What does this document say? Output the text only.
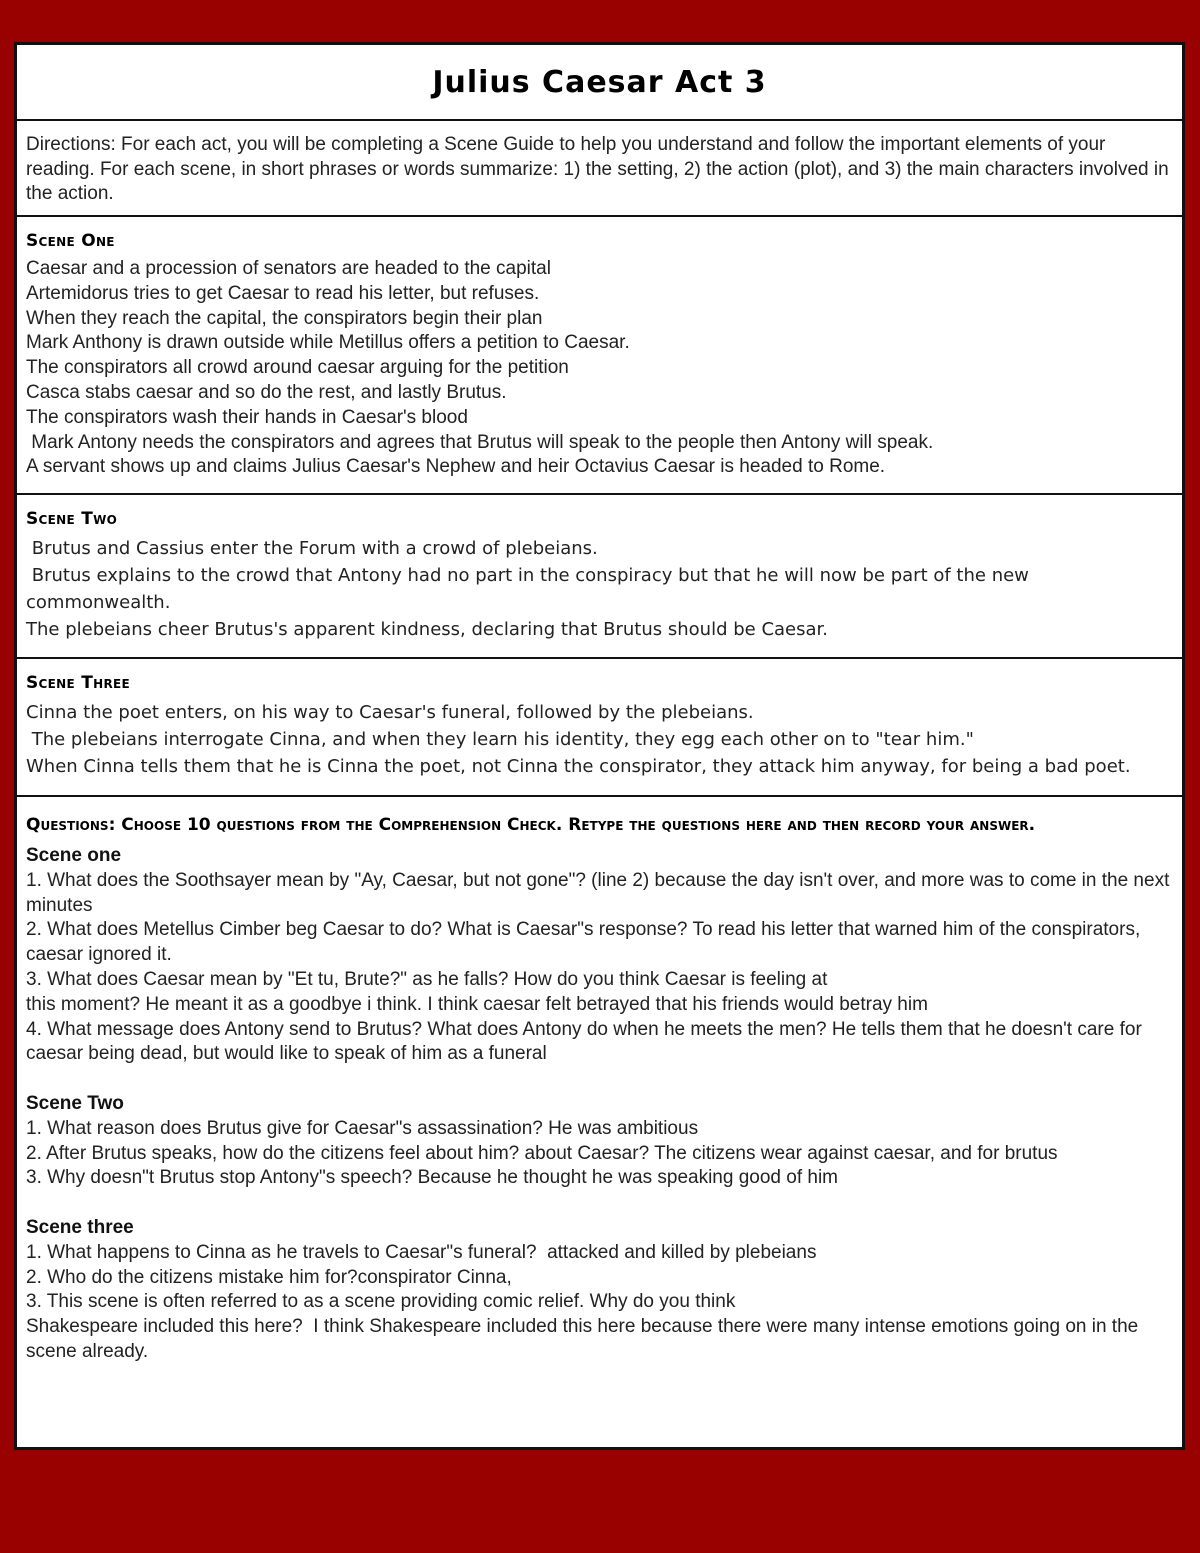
Julius Caesar Act 3

Directions: For each act, you will be completing a Scene Guide to help you understand and follow the important elements of your reading. For each scene, in short phrases or words summarize: 1) the setting, 2) the action (plot), and 3) the main characters involved in the action.

Scene One

Caesar and a procession of senators are headed to the capital

Artemidorus tries to get Caesar to read his letter, but refuses.

When they reach the capital, the conspirators begin their plan

Mark Anthony is drawn outside while Metillus offers a petition to Caesar.

The conspirators all crowd around caesar arguing for the petition

Casca stabs caesar and so do the rest, and lastly Brutus.

The conspirators wash their hands in Caesar's blood

Mark Antony needs the conspirators and agrees that Brutus will speak to the people then Antony will speak.

A servant shows up and claims Julius Caesar's Nephew and heir Octavius Caesar is headed to Rome.

Scene Two

Brutus and Cassius enter the Forum with a crowd of plebeians.

Brutus explains to the crowd that Antony had no part in the conspiracy but that he will now be part of the new commonwealth.

The plebeians cheer Brutus's apparent kindness, declaring that Brutus should be Caesar.

Scene Three

Cinna the poet enters, on his way to Caesar's funeral, followed by the plebeians.

The plebeians interrogate Cinna, and when they learn his identity, they egg each other on to "tear him."

When Cinna tells them that he is Cinna the poet, not Cinna the conspirator, they attack him anyway, for being a bad poet.

Questions: Choose 10 questions from the Comprehension Check. Retype the questions here and then record your answer.
Scene one

1. What does the Soothsayer mean by "Ay, Caesar, but not gone"? (line 2) because the day isn't over, and more was to come in the next minutes

2. What does Metellus Cimber beg Caesar to do? What is Caesar"s response? To read his letter that warned him of the conspirators, caesar ignored it.

3. What does Caesar mean by "Et tu, Brute?" as he falls? How do you think Caesar is feeling at

this moment? He meant it as a goodbye i think. I think caesar felt betrayed that his friends would betray him

4. What message does Antony send to Brutus? What does Antony do when he meets the men? He tells them that he doesn't care for caesar being dead, but would like to speak of him as a funeral

Scene Two

1. What reason does Brutus give for Caesar"s assassination? He was ambitious

2. After Brutus speaks, how do the citizens feel about him? about Caesar? The citizens wear against caesar, and for brutus

3. Why doesn"t Brutus stop Antony"s speech? Because he thought he was speaking good of him

Scene three

1. What happens to Cinna as he travels to Caesar"s funeral?  attacked and killed by plebeians

2. Who do the citizens mistake him for?conspirator Cinna,

3. This scene is often referred to as a scene providing comic relief. Why do you think

Shakespeare included this here?  I think Shakespeare included this here because there were many intense emotions going on in the scene already.
